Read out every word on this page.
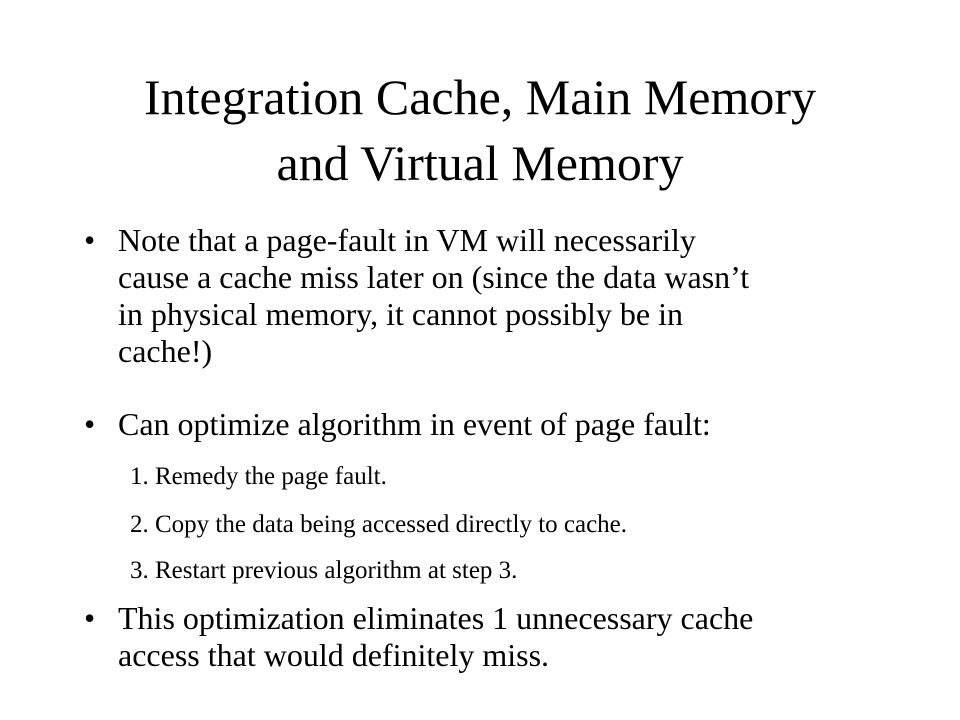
Integration Cache, Main Memory
and Virtual Memory
• Note that a page-fault in VM will necessarily
cause a cache miss later on (since the data wasn’t
in physical memory, it cannot possibly be in
cache!)
• Can optimize algorithm in event of page fault:
1. Remedy the page fault.
2. Copy the data being accessed directly to cache.
3. Restart previous algorithm at step 3.
• This optimization eliminates 1 unnecessary cache
access that would definitely miss.
